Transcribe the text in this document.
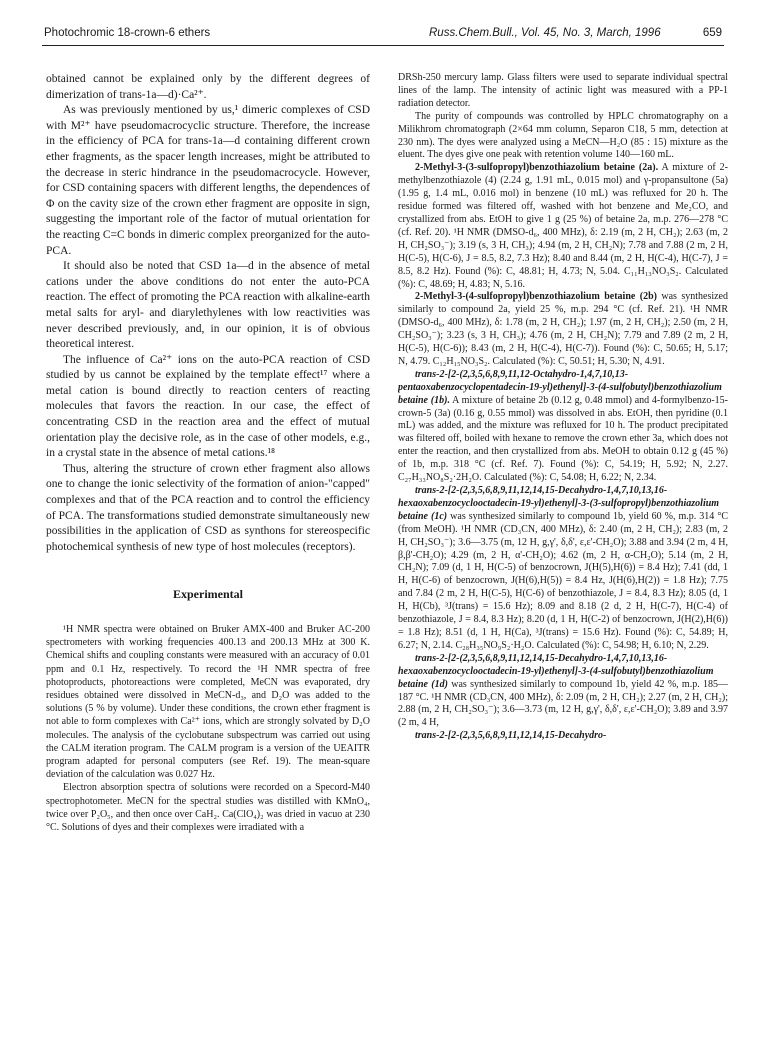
Photochromic 18-crown-6 ethers	Russ.Chem.Bull., Vol. 45, No. 3, March, 1996	659

obtained cannot be explained only by the different degrees of dimerization of trans-1a—d)·Ca²⁺.

As was previously mentioned by us,¹ dimeric complexes of CSD with M²⁺ have pseudomacrocyclic structure. Therefore, the increase in the efficiency of PCA for trans-1a—d containing different crown ether fragments, as the spacer length increases, might be attributed to the decrease in steric hindrance in the pseudomacrocycle. However, for CSD containing spacers with different lengths, the dependences of Φ on the cavity size of the crown ether fragment are opposite in sign, suggesting the important role of the factor of mutual orientation for the reacting C=C bonds in dimeric complex preorganized for the auto-PCA.

It should also be noted that CSD 1a—d in the absence of metal cations under the above conditions do not enter the auto-PCA reaction. The effect of promoting the PCA reaction with alkaline-earth metal salts for aryl- and diarylethylenes with low reactivities was never described previously, and, in our opinion, it is of obvious theoretical interest.

The influence of Ca²⁺ ions on the auto-PCA reaction of CSD studied by us cannot be explained by the template effect¹⁷ where a metal cation is bound directly to reaction centers of reacting molecules that favors the reaction. In our case, the effect of concentrating CSD in the reaction area and the effect of mutual orientation play the decisive role, as in the case of other models, e.g., in a crystal state in the absence of metal cations.¹⁸

Thus, altering the structure of crown ether fragment also allows one to change the ionic selectivity of the formation of anion-"capped" complexes and that of the PCA reaction and to control the efficiency of PCA. The transformations studied demonstrate simultaneously new possibilities in the application of CSD as synthons for stereospecific photochemical synthesis of new type of host molecules (receptors).

Experimental

¹H NMR spectra were obtained on Bruker AMX-400 and Bruker AC-200 spectrometers with working frequencies 400.13 and 200.13 MHz at 300 K. Chemical shifts and coupling constants were measured with an accuracy of 0.01 ppm and 0.1 Hz, respectively. To record the ¹H NMR spectra of free photoproducts, photoreactions were completed, MeCN was evaporated, dry residues obtained were dissolved in MeCN-d₃, and D₂O was added to the solutions (5 % by volume). Under these conditions, the crown ether fragment is not able to form complexes with Ca²⁺ ions, which are strongly solvated by D₂O molecules. The analysis of the cyclobutane subspectrum was carried out using the CALM iteration program. The CALM program is a version of the UEAITR program adapted for personal computers (see Ref. 19). The mean-square deviation of the calculation was 0.027 Hz.

Electron absorption spectra of solutions were recorded on a Specord-M40 spectrophotometer. MeCN for the spectral studies was distilled with KMnO₄, twice over P₂O₅, and then once over CaH₂. Ca(ClO₄)₂ was dried in vacuo at 230 °C. Solutions of dyes and their complexes were irradiated with a

DRSh-250 mercury lamp. Glass filters were used to separate individual spectral lines of the lamp. The intensity of actinic light was measured with a PP-1 radiation detector.

The purity of compounds was controlled by HPLC chromatography on a Milikhrom chromatograph (2×64 mm column, Separon C18, 5 mm, detection at 230 nm). The dyes were analyzed using a MeCN—H₂O (85 : 15) mixture as the eluent. The dyes give one peak with retention volume 140—160 mL.

2-Methyl-3-(3-sulfopropyl)benzothiazolium betaine (2a). A mixture of 2-methylbenzothiazole (4) (2.24 g, 1.91 mL, 0.015 mol) and γ-propansultone (5a) (1.95 g, 1.4 mL, 0.016 mol) in benzene (10 mL) was refluxed for 20 h. The residue formed was filtered off, washed with hot benzene and Me₂CO, and crystallized from abs. EtOH to give 1 g (25 %) of betaine 2a, m.p. 276—278 °C (cf. Ref. 20). ¹H NMR (DMSO-d₆, 400 MHz), δ: 2.19 (m, 2 H, CH₂); 2.63 (m, 2 H, CH₂SO₃⁻); 3.19 (s, 3 H, CH₃); 4.94 (m, 2 H, CH₂N); 7.78 and 7.88 (2 m, 2 H, H(C-5), H(C-6), J = 8.5, 8.2, 7.3 Hz); 8.40 and 8.44 (m, 2 H, H(C-4), H(C-7), J = 8.5, 8.2 Hz). Found (%): C, 48.81; H, 4.73; N, 5.04. C₁₁H₁₃NO₃S₂. Calculated (%): C, 48.69; H, 4.83; N, 5.16.

2-Methyl-3-(4-sulfopropyl)benzothiazolium betaine (2b) was synthesized similarly to compound 2a, yield 25 %, m.p. 294 °C (cf. Ref. 21). ¹H NMR (DMSO-d₆, 400 MHz), δ: 1.78 (m, 2 H, CH₂); 1.97 (m, 2 H, CH₂); 2.50 (m, 2 H, CH₂SO₃⁻); 3.23 (s, 3 H, CH₃); 4.76 (m, 2 H, CH₂N); 7.79 and 7.89 (2 m, 2 H, H(C-5), H(C-6)); 8.43 (m, 2 H, H(C-4), H(C-7)). Found (%): C, 50.65; H, 5.17; N, 4.79. C₁₂H₁₅NO₃S₂. Calculated (%): C, 50.51; H, 5.30; N, 4.91.

trans-2-[2-(2,3,5,6,8,9,11,12-Octahydro-1,4,7,10,13-pentaoxabenzocyclopentadecin-19-yl)ethenyl]-3-(4-sulfobutyl)benzothiazolium betaine (1b). A mixture of betaine 2b (0.12 g, 0.48 mmol) and 4-formylbenzo-15-crown-5 (3a) (0.16 g, 0.55 mmol) was dissolved in abs. EtOH, then pyridine (0.1 mL) was added, and the mixture was refluxed for 10 h. The product precipitated was filtered off, boiled with hexane to remove the crown ether 3a, which does not enter the reaction, and then crystallized from abs. MeOH to obtain 0.12 g (45 %) of 1b, m.p. 318 °C (cf. Ref. 7). Found (%): C, 54.19; H, 5.92; N, 2.27. C₂₇H₃₃NO₈S₂·2H₂O. Calculated (%): C, 54.08; H, 6.22; N, 2.34.

trans-2-[2-(2,3,5,6,8,9,11,12,14,15-Decahydro-1,4,7,10,13,16-hexaoxabenzocyclooctadecin-19-yl)ethenyl]-3-(3-sulfopropyl)benzothiazolium betaine (1c) was synthesized similarly to compound 1b, yield 60 %, m.p. 314 °C (from MeOH). ¹H NMR (CD₃CN, 400 MHz), δ: 2.40 (m, 2 H, CH₂); 2.83 (m, 2 H, CH₂SO₃⁻); 3.6—3.75 (m, 12 H, g,γ', δ,δ', ε,ε'-CH₂O); 3.88 and 3.94 (2 m, 4 H, β,β'-CH₂O); 4.29 (m, 2 H, α'-CH₂O); 4.62 (m, 2 H, α-CH₂O); 5.14 (m, 2 H, CH₂N); 7.09 (d, 1 H, H(C-5) of benzocrown, J(H(5),H(6)) = 8.4 Hz); 7.41 (dd, 1 H, H(C-6) of benzocrown, J(H(6),H(5)) = 8.4 Hz, J(H(6),H(2)) = 1.8 Hz); 7.75 and 7.84 (2 m, 2 H, H(C-5), H(C-6) of benzothiazole, J = 8.4, 8.3 Hz); 8.05 (d, 1 H, H(Cb), ³J(trans) = 15.6 Hz); 8.09 and 8.18 (2 d, 2 H, H(C-7), H(C-4) of benzothiazole, J = 8.4, 8.3 Hz); 8.20 (d, 1 H, H(C-2) of benzocrown, J(H(2),H(6)) = 1.8 Hz); 8.51 (d, 1 H, H(Ca), ³J(trans) = 15.6 Hz). Found (%): C, 54.89; H, 6.27; N, 2.14. C₂₈H₃₅NO₉S₂·H₂O. Calculated (%): C, 54.98; H, 6.10; N, 2.29.

trans-2-[2-(2,3,5,6,8,9,11,12,14,15-Decahydro-1,4,7,10,13,16-hexaoxabenzocyclooctadecin-19-yl)ethenyl]-3-(4-sulfobutyl)benzothiazolium betaine (1d) was synthesized similarly to compound 1b, yield 42 %, m.p. 185—187 °C. ¹H NMR (CD₃CN, 400 MHz), δ: 2.09 (m, 2 H, CH₂); 2.27 (m, 2 H, CH₂); 2.88 (m, 2 H, CH₂SO₃⁻); 3.6—3.73 (m, 12 H, g,γ', δ,δ', ε,ε'-CH₂O); 3.89 and 3.97 (2 m, 4 H,

trans-2-[2-(2,3,5,6,8,9,11,12,14,15-Decahydro-
